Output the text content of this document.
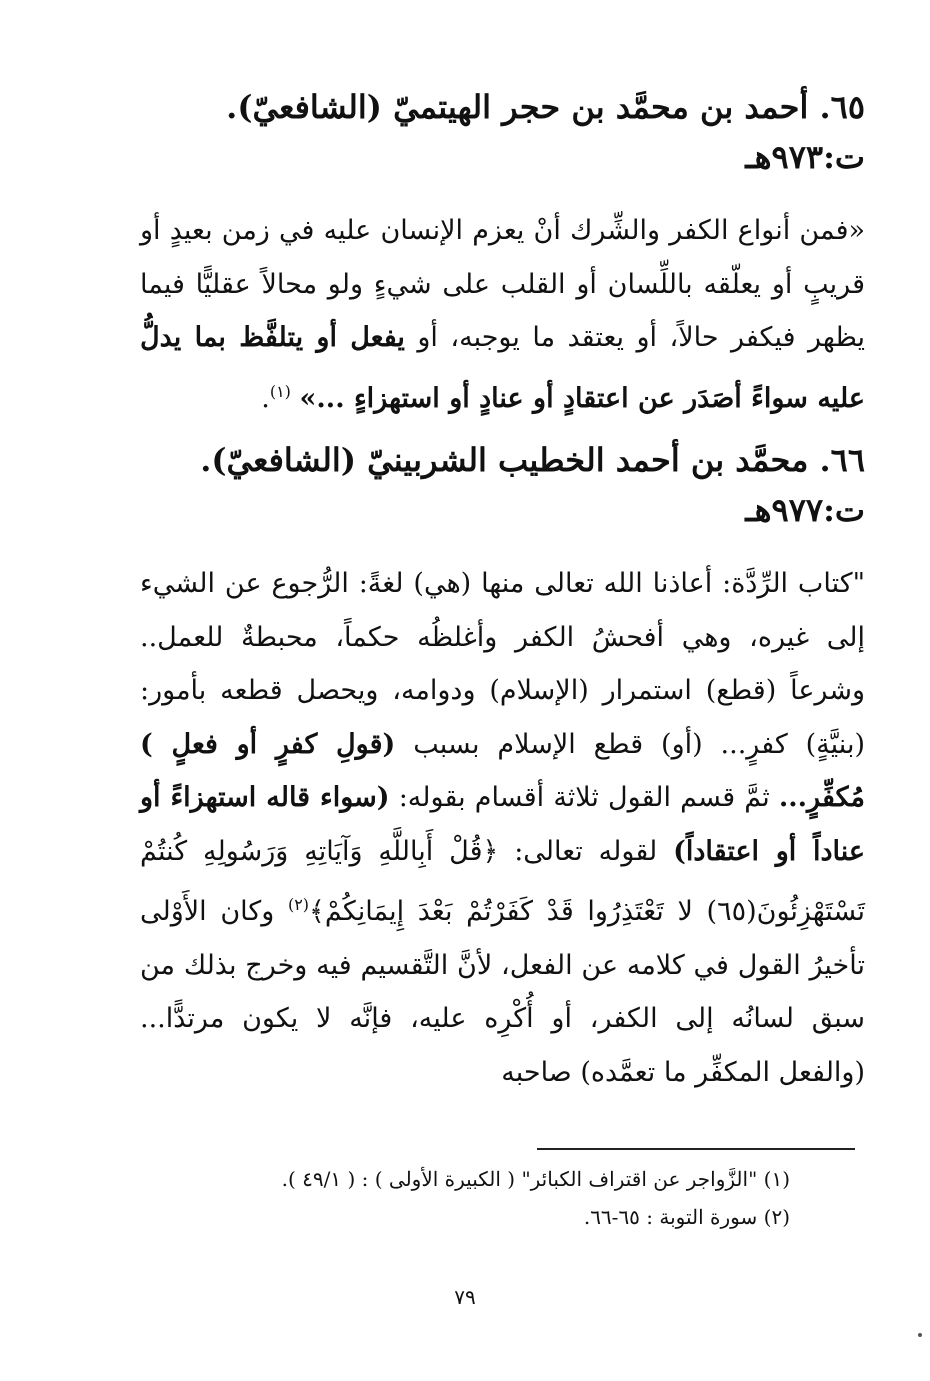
٦٥. أحمد بن محمَّد بن حجر الهيتميّ (الشافعيّ).
ت:٩٧٣هـ

«فمن أنواع الكفر والشِّرك أنْ يعزم الإنسان عليه في زمن بعيدٍ أو قريبٍ أو يعلّقه باللِّسان أو القلب على شيءٍ ولو محالاً عقليًّا فيما يظهر فيكفر حالاً، أو يعتقد ما يوجبه، أو يفعل أو يتلفَّظ بما يدلُّ عليه سواءً أصَدَر عن اعتقادٍ أو عنادٍ أو استهزاءٍ ...» $^{(١)}$.

٦٦. محمَّد بن أحمد الخطيب الشربينيّ (الشافعيّ).
ت:٩٧٧هـ

"كتاب الرِّدَّة: أعاذنا الله تعالى منها (هي) لغةً: الرُّجوع عن الشيء إلى غيره، وهي أفحشُ الكفر وأغلظُه حكماً، محبطةٌ للعمل.. وشرعاً (قطع) استمرار (الإسلام) ودوامه، ويحصل قطعه بأمور: (بنيَّةٍ) كفرٍ... (أو) قطع الإسلام بسبب (قولِ كفرٍ أو فعلٍ ) مُكفِّرٍ... ثمَّ قسم القول ثلاثة أقسام بقوله: (سواء قاله استهزاءً أو عناداً أو اعتقاداً) لقوله تعالى: ﴿قُلْ أَبِاللَّهِ وَآيَاتِهِ وَرَسُولِهِ كُنتُمْ تَسْتَهْزِئُونَ(٦٥) لا تَعْتَذِرُوا قَدْ كَفَرْتُمْ بَعْدَ إِيمَانِكُمْ﴾$^{(٢)}$ وكان الأَوْلى تأخيرُ القول في كلامه عن الفعل، لأنَّ التَّقسيم فيه وخرج بذلك من سبق لسانُه إلى الكفر، أو أُكْرِه عليه، فإنَّه لا يكون مرتدًّا... (والفعل المكفِّر ما تعمَّده) صاحبه

(١) "الزَّواجر عن اقتراف الكبائر" ( الكبيرة الأولى ) : ( ٤٩/١ ).
(٢) سورة التوبة : ٦٥-٦٦.
٧٩
